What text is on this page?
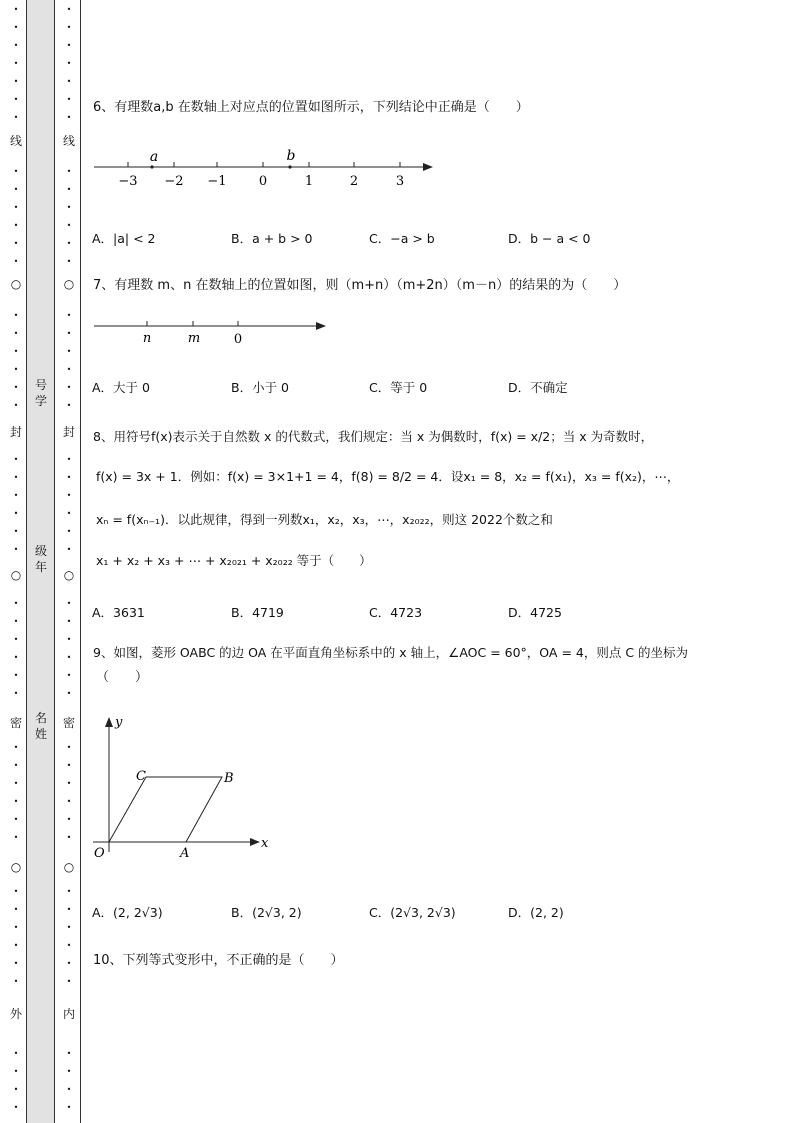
•
•
•
•
•
•
•
•
•
•
•
•
•
•
•
•
•
•
•
•
•
•
•
•
•
•
•
•
•
•
•
•
•
•
•
•
•
•
•
•
•
•
•
•
•
•
•
•
•
•
•
•
•
•
•
•
•
•
•
•
•
•
•
•
•
•
•
•
•
•
•
•
•
•
•
•
•
•
•
•
•
•
•
•
•
•
•
•
•
•
•
•
•
•
线
○
封
○
密
○
外
线
○
封
○
密
○
内
号学
级年
名姓
6、有理数a,b 在数轴上对应点的位置如图所示，下列结论中正确是（　　）
a	b
−3 −2 −1 0	1	2	3
A．|a| < 2	B．a + b > 0	C．−a > b	D．b − a < 0
7、有理数 m、n 在数轴上的位置如图，则（m+n）（m+2n）（m－n）的结果的为（　　）
n	m	0
A．大于 0	B．小于 0	C．等于 0	D．不确定
8、用符号f(x)表示关于自然数 x 的代数式，我们规定：当 x 为偶数时，f(x) = x/2；当 x 为奇数时，
f(x) = 3x + 1．例如：f(x) = 3×1+1 = 4，f(8) = 8/2 = 4．设x₁ = 8，x₂ = f(x₁)，x₃ = f(x₂)，⋯，
xₙ = f(xₙ₋₁)．以此规律，得到一列数x₁，x₂，x₃，⋯，x₂₀₂₂，则这 2022个数之和
x₁ + x₂ + x₃ + ⋯ + x₂₀₂₁ + x₂₀₂₂ 等于（　　）
A．3631	B．4719	C．4723	D．4725
9、如图，菱形 OABC 的边 OA 在平面直角坐标系中的 x 轴上，∠AOC = 60°，OA = 4，则点 C 的坐标为
（　　）
y
x
O	A
B
C
A．(2, 2√3)	B．(2√3, 2)	C．(2√3, 2√3)	D．(2, 2)
10、下列等式变形中，不正确的是（　　）
